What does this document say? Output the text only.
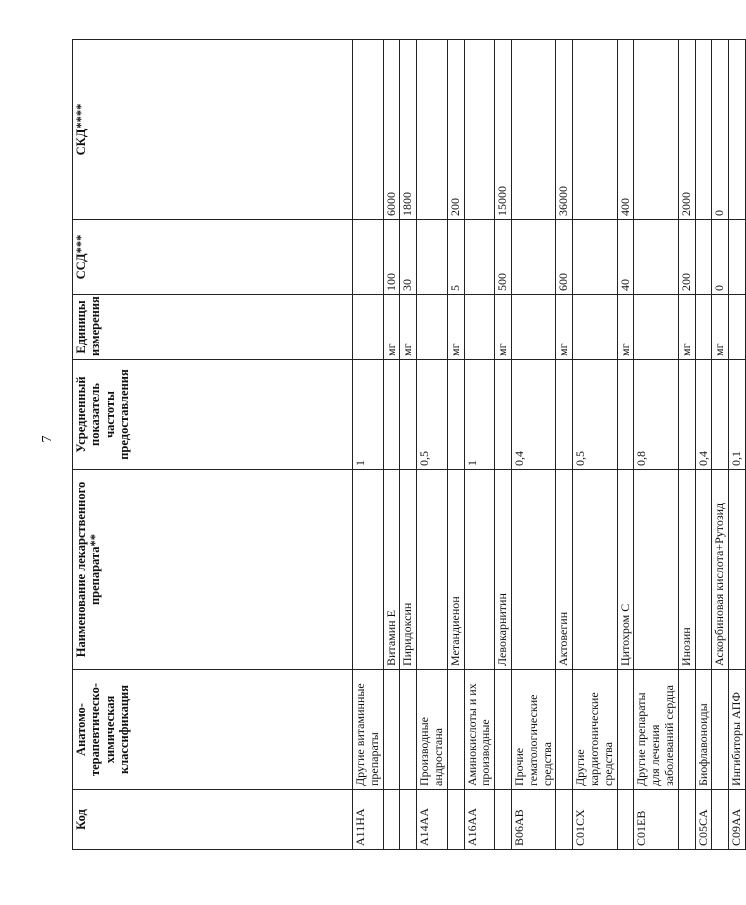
7
Код	Анатомо-терапевтическо-химическая классификация	Наименование лекарственного препарата**	Усредненный показатель частоты предоставления	Единицы измерения	ССД***	СКД****
A11HA	Другие витаминные препараты		1			
		Витамин Е		мг	100	6000
		Пиридоксин		мг	30	1800
A14AA	Производные андростана		0,5			
		Метандиенон		мг	5	200
A16AA	Аминокислоты и их производные		1			
		Левокарнитин		мг	500	15000
B06AB	Прочие гематологические средства		0,4			
		Актовегин		мг	600	36000
C01CX	Другие кардиотонические средства		0,5			
		Цитохром С		мг	40	400
C01EB	Другие препараты для лечения заболеваний сердца		0,8			
		Инозин		мг	200	2000
C05CA	Биофлавоноиды		0,4			
		Аскорбиновая кислота+Рутозид		мг	0	0
C09AA	Ингибиторы АПФ		0,1			
